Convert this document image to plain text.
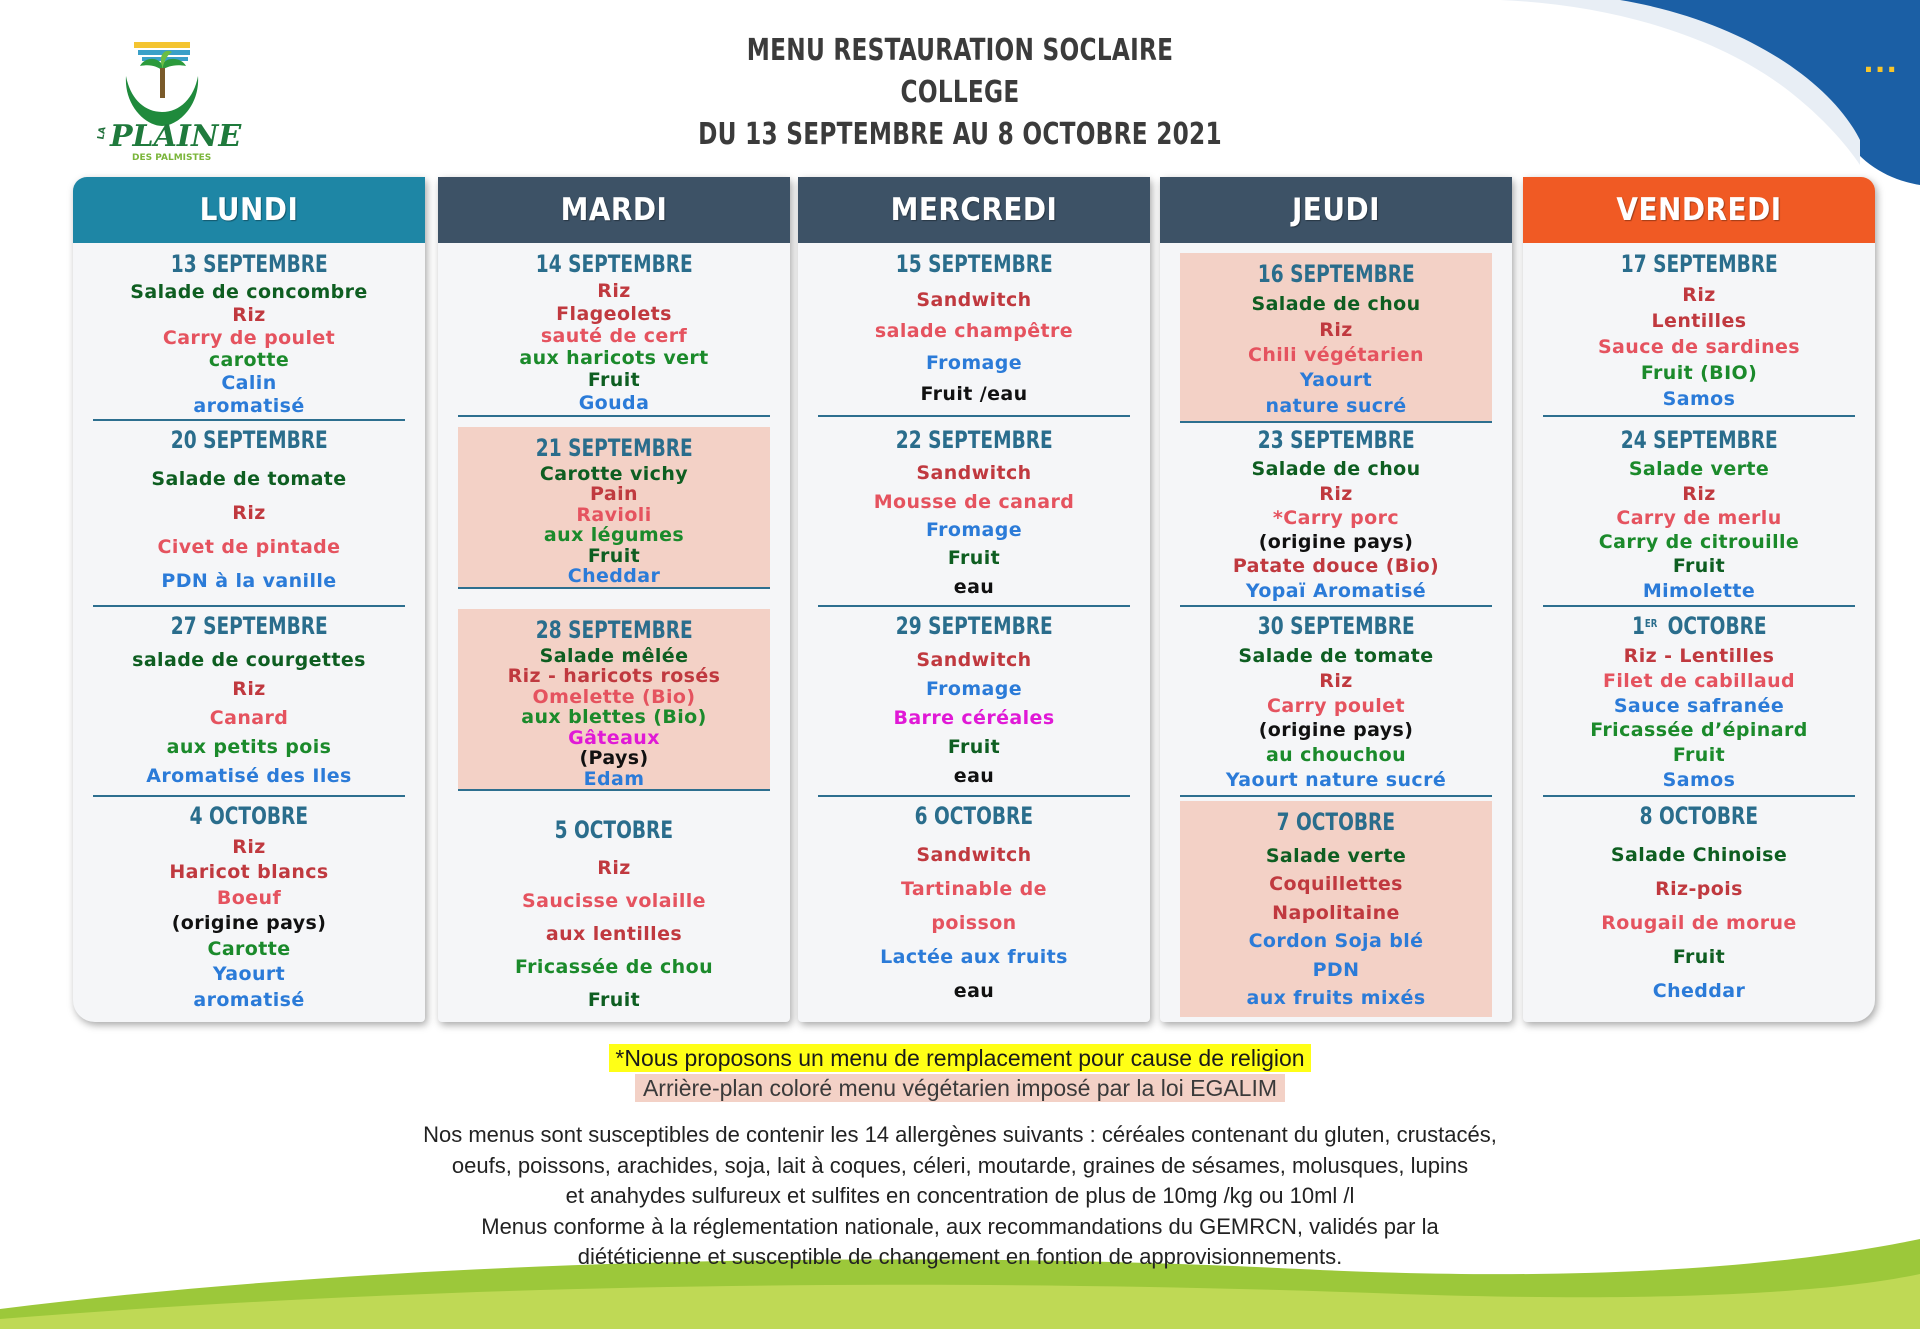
...
LA PLAINE
DES PALMISTES
MENU RESTAURATION SOCLAIRE
COLLEGE
DU 13 SEPTEMBRE AU 8 OCTOBRE 2021
LUNDI
13 SEPTEMBRE
Salade de concombre
Riz
Carry de poulet
carotte
Calin
aromatisé
20 SEPTEMBRE
Salade de tomate
Riz
Civet de pintade
PDN à la vanille
27 SEPTEMBRE
salade de courgettes
Riz
Canard
aux petits pois
Aromatisé des Iles
4 OCTOBRE
Riz
Haricot blancs
Boeuf
(origine pays)
Carotte
Yaourt
aromatisé
MARDI
14 SEPTEMBRE
Riz
Flageolets
sauté de cerf
aux haricots vert
Fruit
Gouda
21 SEPTEMBRE
Carotte vichy
Pain
Ravioli
aux légumes
Fruit
Cheddar
28 SEPTEMBRE
Salade mêlée
Riz - haricots rosés
Omelette (Bio)
aux blettes (Bio)
Gâteaux
(Pays)
Edam
5 OCTOBRE
Riz
Saucisse volaille
aux lentilles
Fricassée de chou
Fruit
MERCREDI
15 SEPTEMBRE
Sandwitch
salade champêtre
Fromage
Fruit /eau
22 SEPTEMBRE
Sandwitch
Mousse de canard
Fromage
Fruit
eau
29 SEPTEMBRE
Sandwitch
Fromage
Barre céréales
Fruit
eau
6 OCTOBRE
Sandwitch
Tartinable de
poisson
Lactée aux fruits
eau
JEUDI
16 SEPTEMBRE
Salade de chou
Riz
Chili végétarien
Yaourt
nature sucré
23 SEPTEMBRE
Salade de chou
Riz
*Carry porc
(origine pays)
Patate douce (Bio)
Yopaï Aromatisé
30 SEPTEMBRE
Salade de tomate
Riz
Carry poulet
(origine pays)
au chouchou
Yaourt nature sucré
7 OCTOBRE
Salade verte
Coquillettes
Napolitaine
Cordon Soja blé
PDN
aux fruits mixés
VENDREDI
17 SEPTEMBRE
Riz
Lentilles
Sauce de sardines
Fruit (BIO)
Samos
24 SEPTEMBRE
Salade verte
Riz
Carry de merlu
Carry de citrouille
Fruit
Mimolette
1ER OCTOBRE
Riz - Lentilles
Filet de cabillaud
Sauce safranée
Fricassée d’épinard
Fruit
Samos
8 OCTOBRE
Salade Chinoise
Riz-pois
Rougail de morue
Fruit
Cheddar
*Nous proposons un menu de remplacement pour cause de religion
Arrière-plan coloré menu végétarien imposé par la loi EGALIM
Nos menus sont susceptibles de contenir les 14 allergènes suivants : céréales contenant du gluten, crustacés,
oeufs, poissons, arachides, soja, lait à coques, céleri, moutarde, graines de sésames, molusques, lupins
et anahydes sulfureux et sulfites en concentration de plus de 10mg /kg ou 10ml /l
Menus conforme à la réglementation nationale, aux recommandations du GEMRCN, validés par la
diététicienne et susceptible de changement en fontion de approvisionnements.
